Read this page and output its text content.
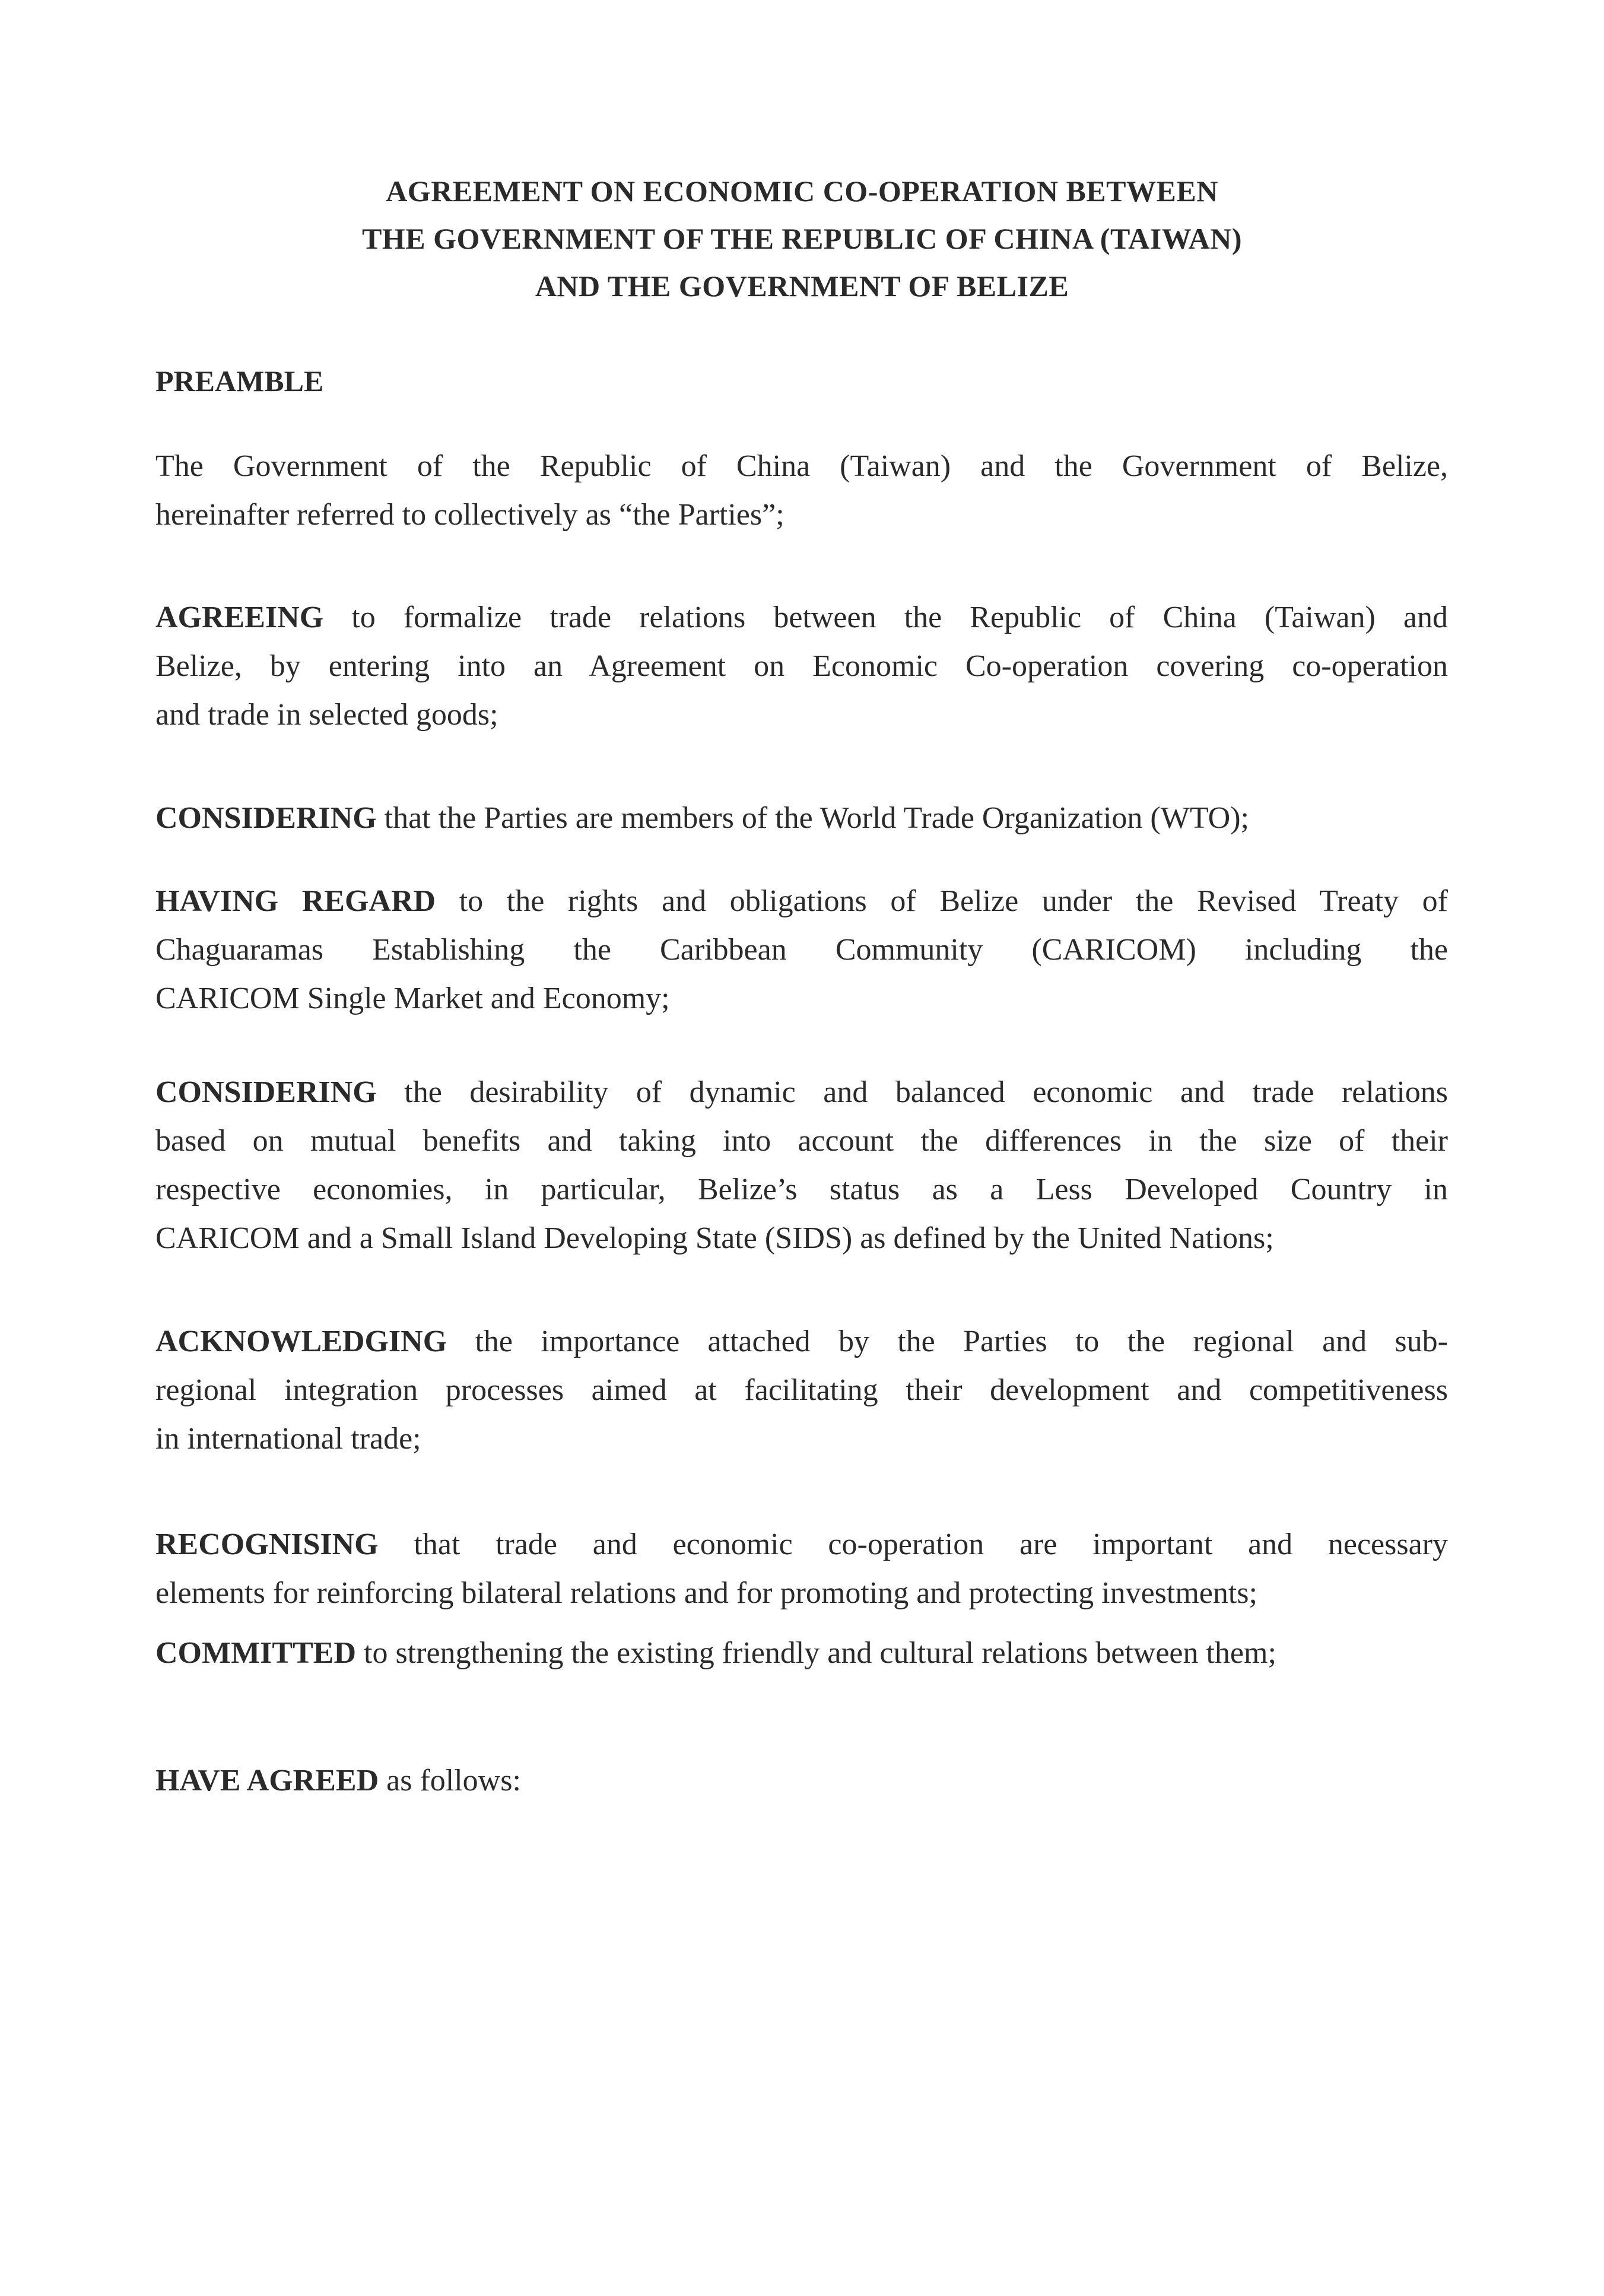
AGREEMENT ON ECONOMIC CO-OPERATION BETWEEN
THE GOVERNMENT OF THE REPUBLIC OF CHINA (TAIWAN)
AND THE GOVERNMENT OF BELIZE
PREAMBLE
The Government of the Republic of China (Taiwan) and the Government of Belize,
hereinafter referred to collectively as “the Parties”;
AGREEING to formalize trade relations between the Republic of China (Taiwan) and
Belize, by entering into an Agreement on Economic Co-operation covering co-operation
and trade in selected goods;
CONSIDERING that the Parties are members of the World Trade Organization (WTO);
HAVING REGARD to the rights and obligations of Belize under the Revised Treaty of
Chaguaramas Establishing the Caribbean Community (CARICOM) including the
CARICOM Single Market and Economy;
CONSIDERING the desirability of dynamic and balanced economic and trade relations
based on mutual benefits and taking into account the differences in the size of their
respective economies, in particular, Belize’s status as a Less Developed Country in
CARICOM and a Small Island Developing State (SIDS) as defined by the United Nations;
ACKNOWLEDGING the importance attached by the Parties to the regional and sub-
regional integration processes aimed at facilitating their development and competitiveness
in international trade;
RECOGNISING that trade and economic co-operation are important and necessary
elements for reinforcing bilateral relations and for promoting and protecting investments;
COMMITTED to strengthening the existing friendly and cultural relations between them;
HAVE AGREED as follows:
